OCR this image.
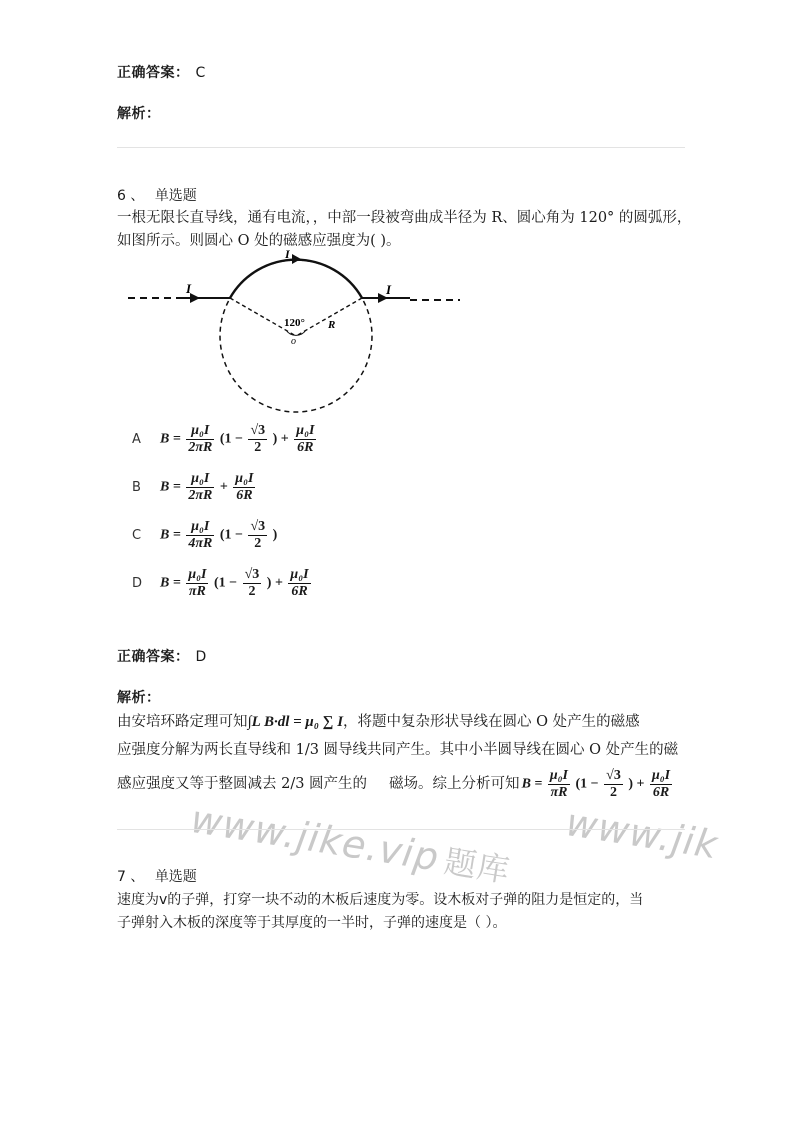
正确答案： C
解析：
6 、 单选题
一根无限长直导线，通有电流，，中部一段被弯曲成半径为 R、圆心角为 120° 的圆弧形，
如图所示。则圆心 O 处的磁感应强度为( )。
I
I
I
120° R
o
A	$B = \frac{\text{μ₀I}}{2\pi R} (1 - \frac{√3}{2}$ ) + $\frac{\text{μ₀I}}{6R}$
B	$B = \frac{\text{μ₀I}}{2\pi R} + \frac{\text{μ₀I}}{6R}$
C	$B = \frac{\text{μ₀I}}{4\pi R} (1 - \frac{√3}{2}$ )
D	$B = \frac{\text{μ₀I}}{\pi R} (1 - \frac{√3}{2}$ ) + $\frac{\text{μ₀I}}{6R}$
正确答案： D
解析：
由安培环路定理可知∫L B·dl = μ₀ ∑ I，将题中复杂形状导线在圆心 O 处产生的磁感
应强度分解为两长直导线和 1/3 圆导线共同产生。其中小半圆导线在圆心 O 处产生的磁
感应强度又等于整圆减去 2/3 圆产生的 磁场。综上分析可知 $B = \frac{\text{μ₀I}}{\pi R} (1 - \frac{√3}{2}$ ) + $\frac{\text{μ₀I}}{6R}$
www.jike.vip题库 www.jik
7 、 单选题
速度为v的子弹，打穿一块不动的木板后速度为零。设木板对子弹的阻力是恒定的，当
子弹射入木板的深度等于其厚度的一半时，子弹的速度是（ ）。
